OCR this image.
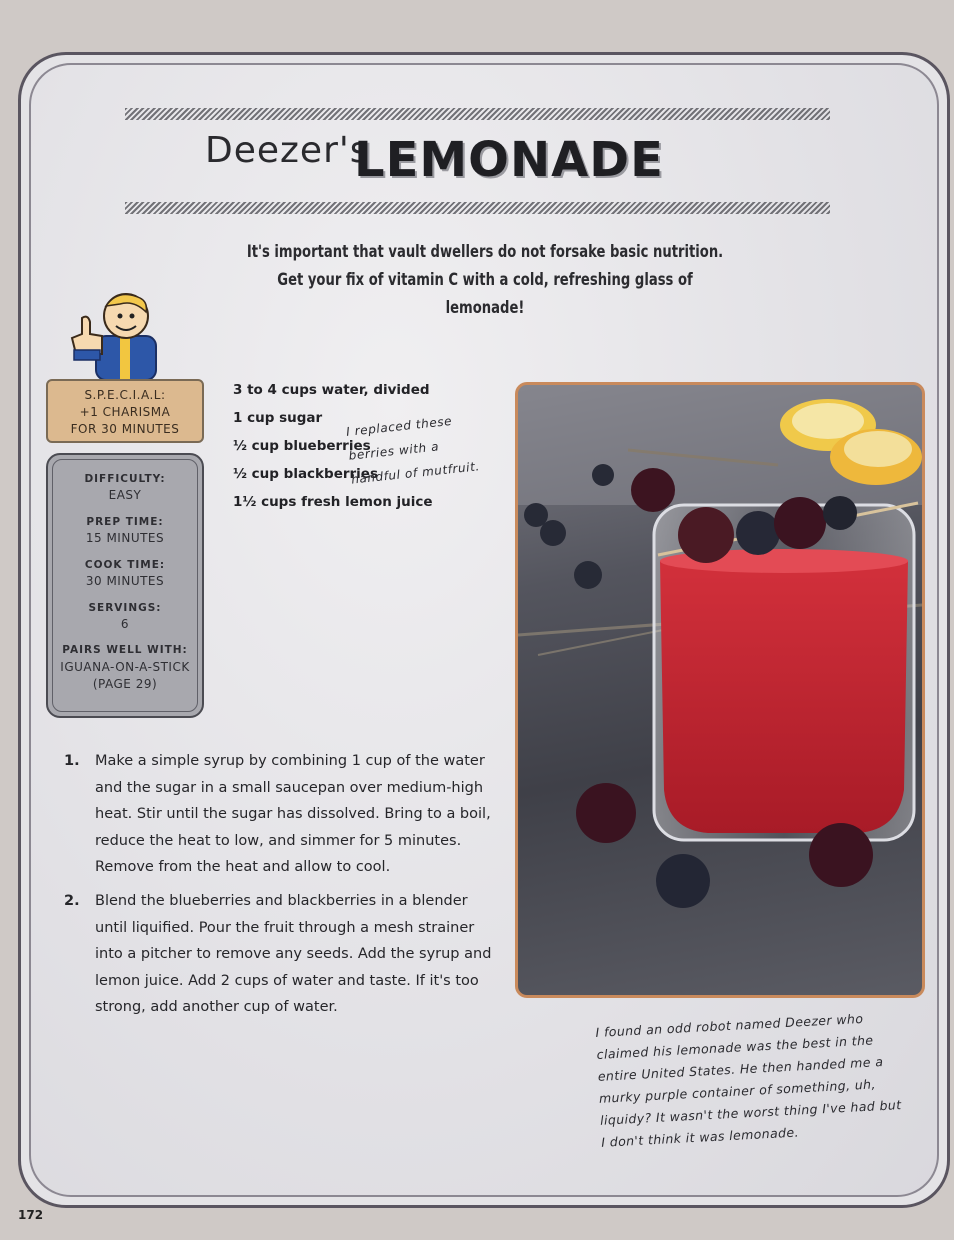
Deezer's
LEMONADE
It's important that vault dwellers do not forsake basic nutrition. Get your fix of vitamin C with a cold, refreshing glass of lemonade!
S.P.E.C.I.A.L:
+1 CHARISMA
FOR 30 MINUTES
DIFFICULTY:
EASY
PREP TIME:
15 MINUTES
COOK TIME:
30 MINUTES
SERVINGS:
6
PAIRS WELL WITH:
IGUANA-ON-A-STICK
(PAGE 29)
3 to 4 cups water, divided
1 cup sugar
½ cup blueberries
½ cup blackberries
1½ cups fresh lemon juice
I replaced these
berries with a
handful of mutfruit.
1. Make a simple syrup by combining 1 cup of the water and the sugar in a small saucepan over medium-high heat. Stir until the sugar has dissolved. Bring to a boil, reduce the heat to low, and simmer for 5 minutes. Remove from the heat and allow to cool.
2. Blend the blueberries and blackberries in a blender until liquified. Pour the fruit through a mesh strainer into a pitcher to remove any seeds. Add the syrup and lemon juice. Add 2 cups of water and taste. If it's too strong, add another cup of water.
I found an odd robot named Deezer who claimed his lemonade was the best in the entire United States. He then handed me a murky purple container of something, uh, liquidy? It wasn't the worst thing I've had but I don't think it was lemonade.
172
